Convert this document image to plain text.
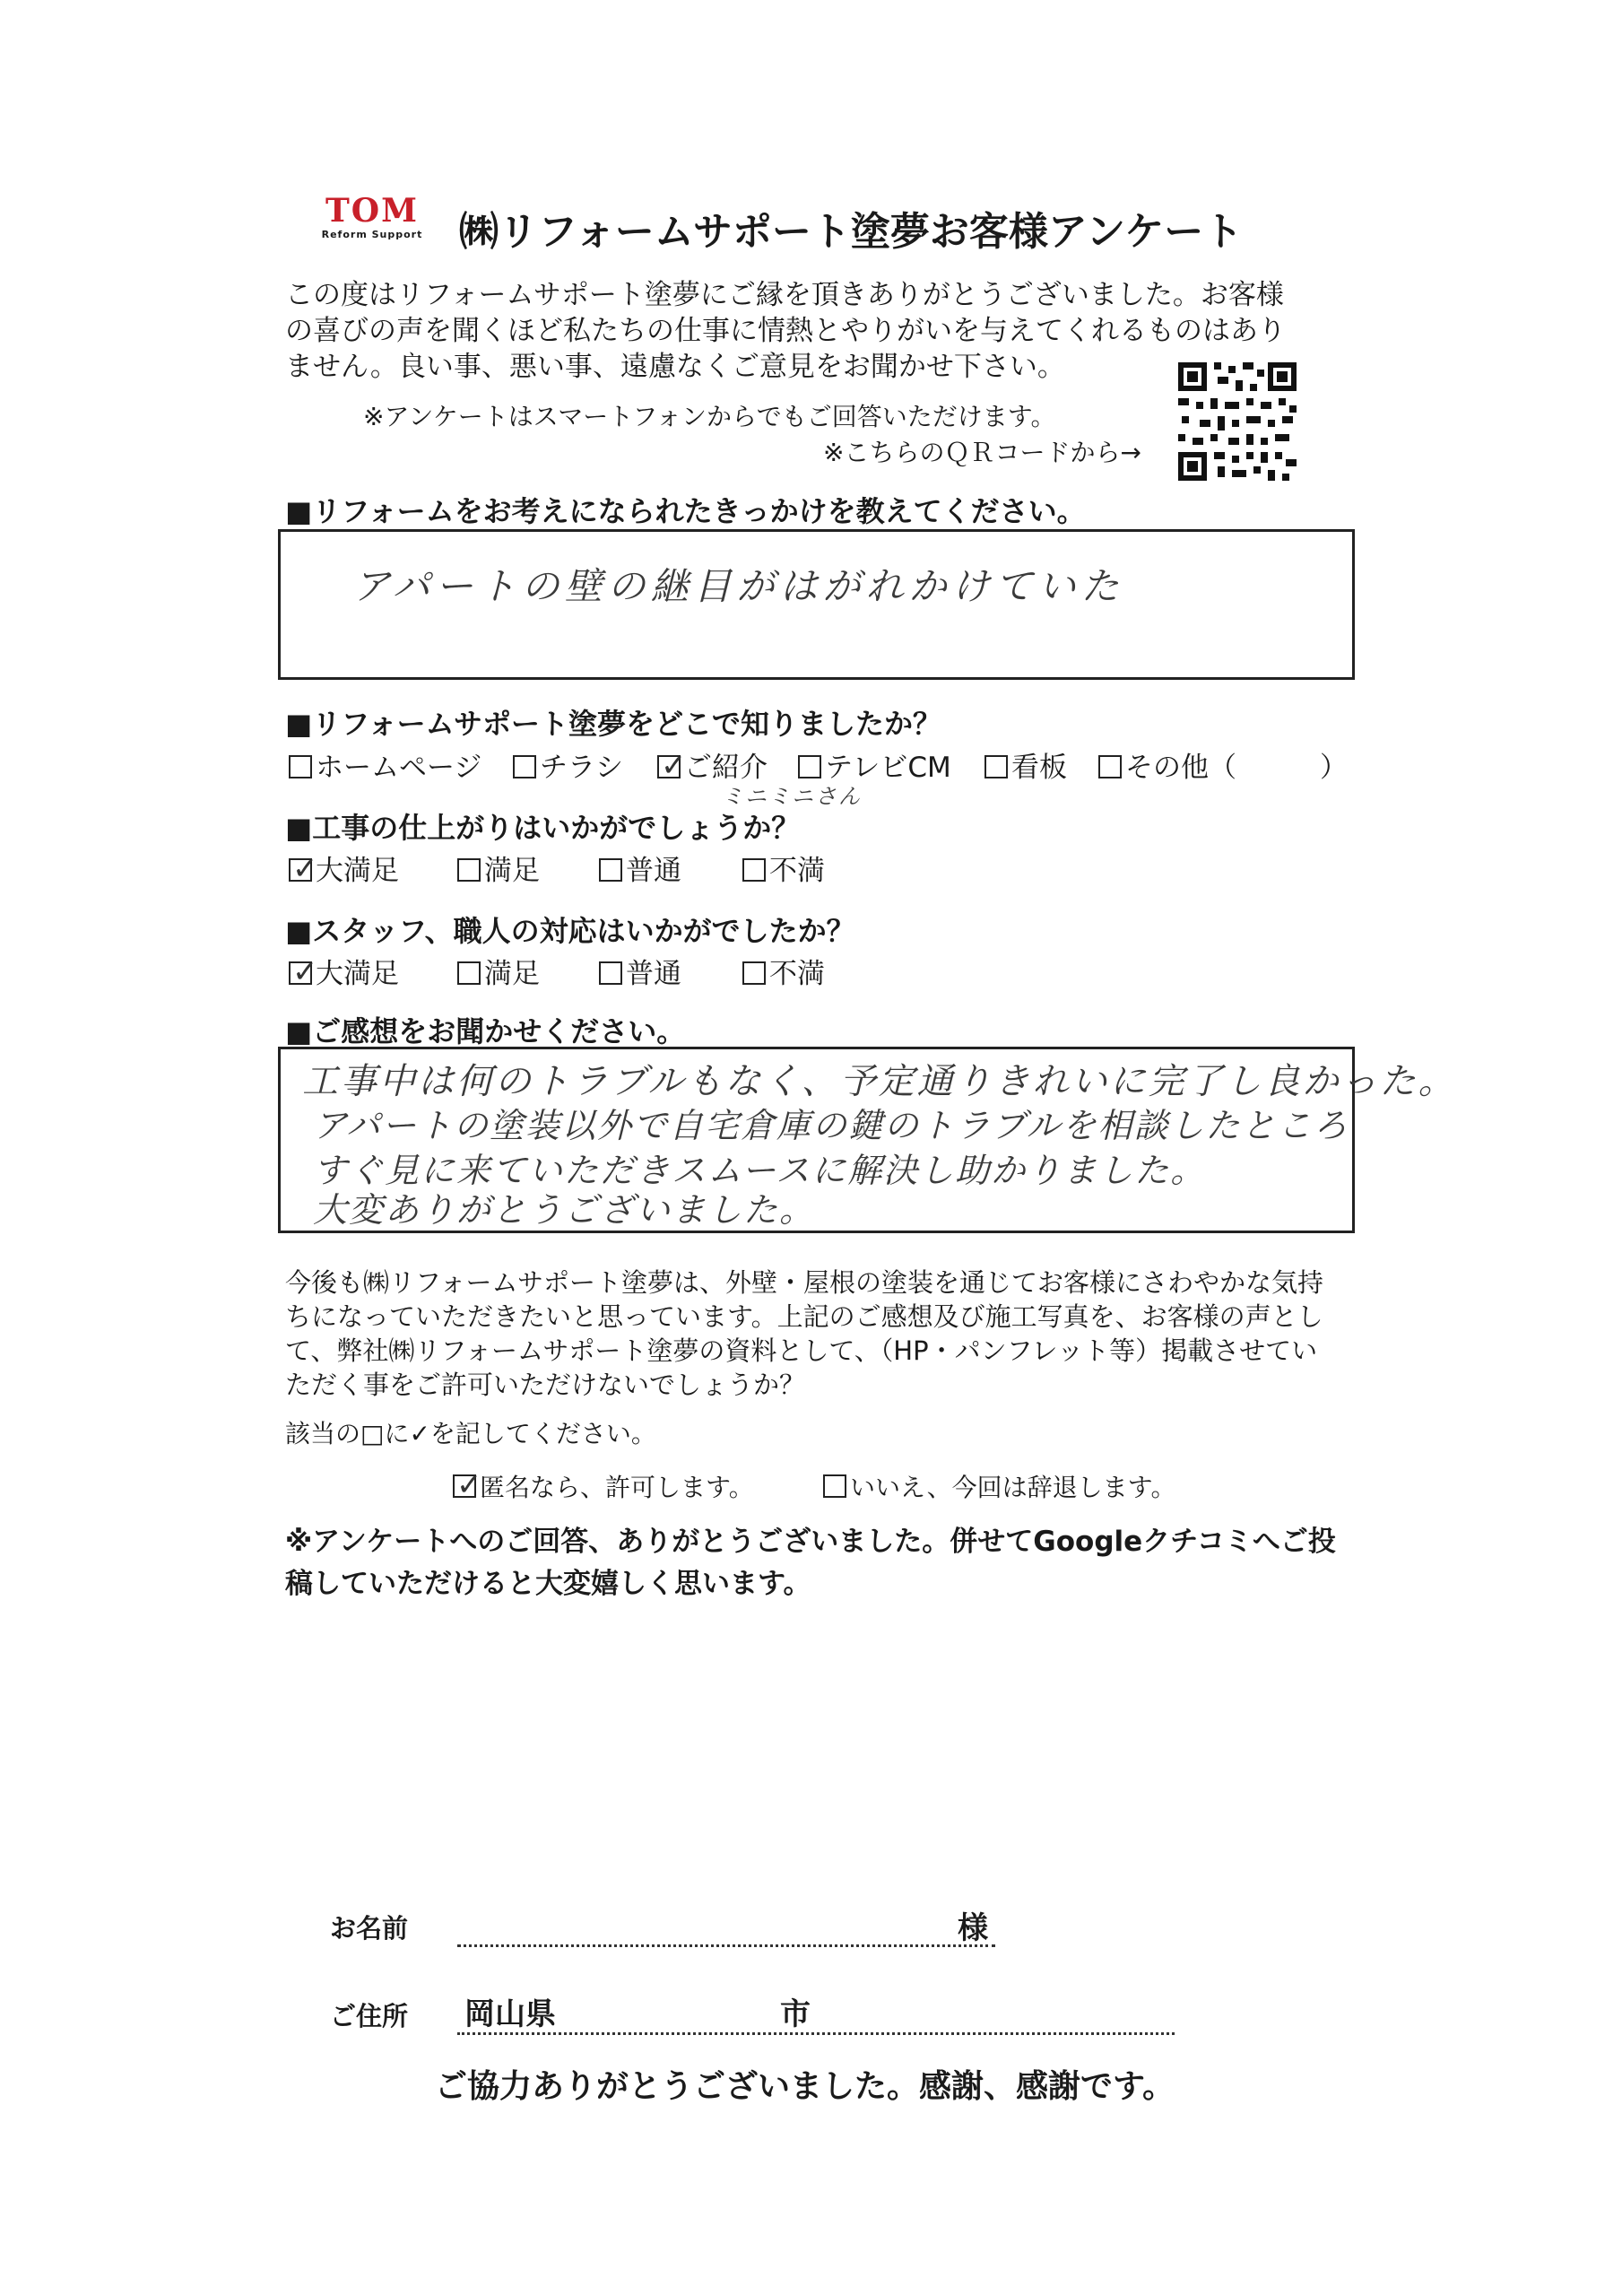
TOM
Reform Support ㈱リフォームサポート塗夢お客様アンケート
この度はリフォームサポート塗夢にご縁を頂きありがとうございました。お客様
の喜びの声を聞くほど私たちの仕事に情熱とやりがいを与えてくれるものはあり
ません。良い事、悪い事、遠慮なくご意見をお聞かせ下さい。
※アンケートはスマートフォンからでもご回答いただけます。
※こちらのＱＲコードから→
■リフォームをお考えになられたきっかけを教えてください。
アパートの壁の継目がはがれかけていた
■リフォームサポート塗夢をどこで知りましたか？
ホームページ	チラシ ✓
ご紹介	テレビCM	看板	その他（　　　）
ミニミニさん
■工事の仕上がりはいかがでしょうか？
✓
大満足	満足	普通	不満
■スタッフ、職人の対応はいかがでしたか？
✓
大満足	満足	普通	不満
■ご感想をお聞かせください。
工事中は何のトラブルもなく、予定通りきれいに完了し良かった。
アパートの塗装以外で自宅倉庫の鍵のトラブルを相談したところ
すぐ見に来ていただきスムースに解決し助かりました。
大変ありがとうございました。
今後も㈱リフォームサポート塗夢は、外壁・屋根の塗装を通じてお客様にさわやかな気持
ちになっていただきたいと思っています。上記のご感想及び施工写真を、お客様の声とし
て、弊社㈱リフォームサポート塗夢の資料として、（HP・パンフレット等）掲載させてい
ただく事をご許可いただけないでしょうか？
該当の□に✓を記してください。
✓
匿名なら、許可します。	いいえ、今回は辞退します。
※アンケートへのご回答、ありがとうございました。併せてGoogleクチコミへご投
稿していただけると大変嬉しく思います。
お名前	様
ご住所 岡山県	市
ご協力ありがとうございました。感謝、感謝です。
